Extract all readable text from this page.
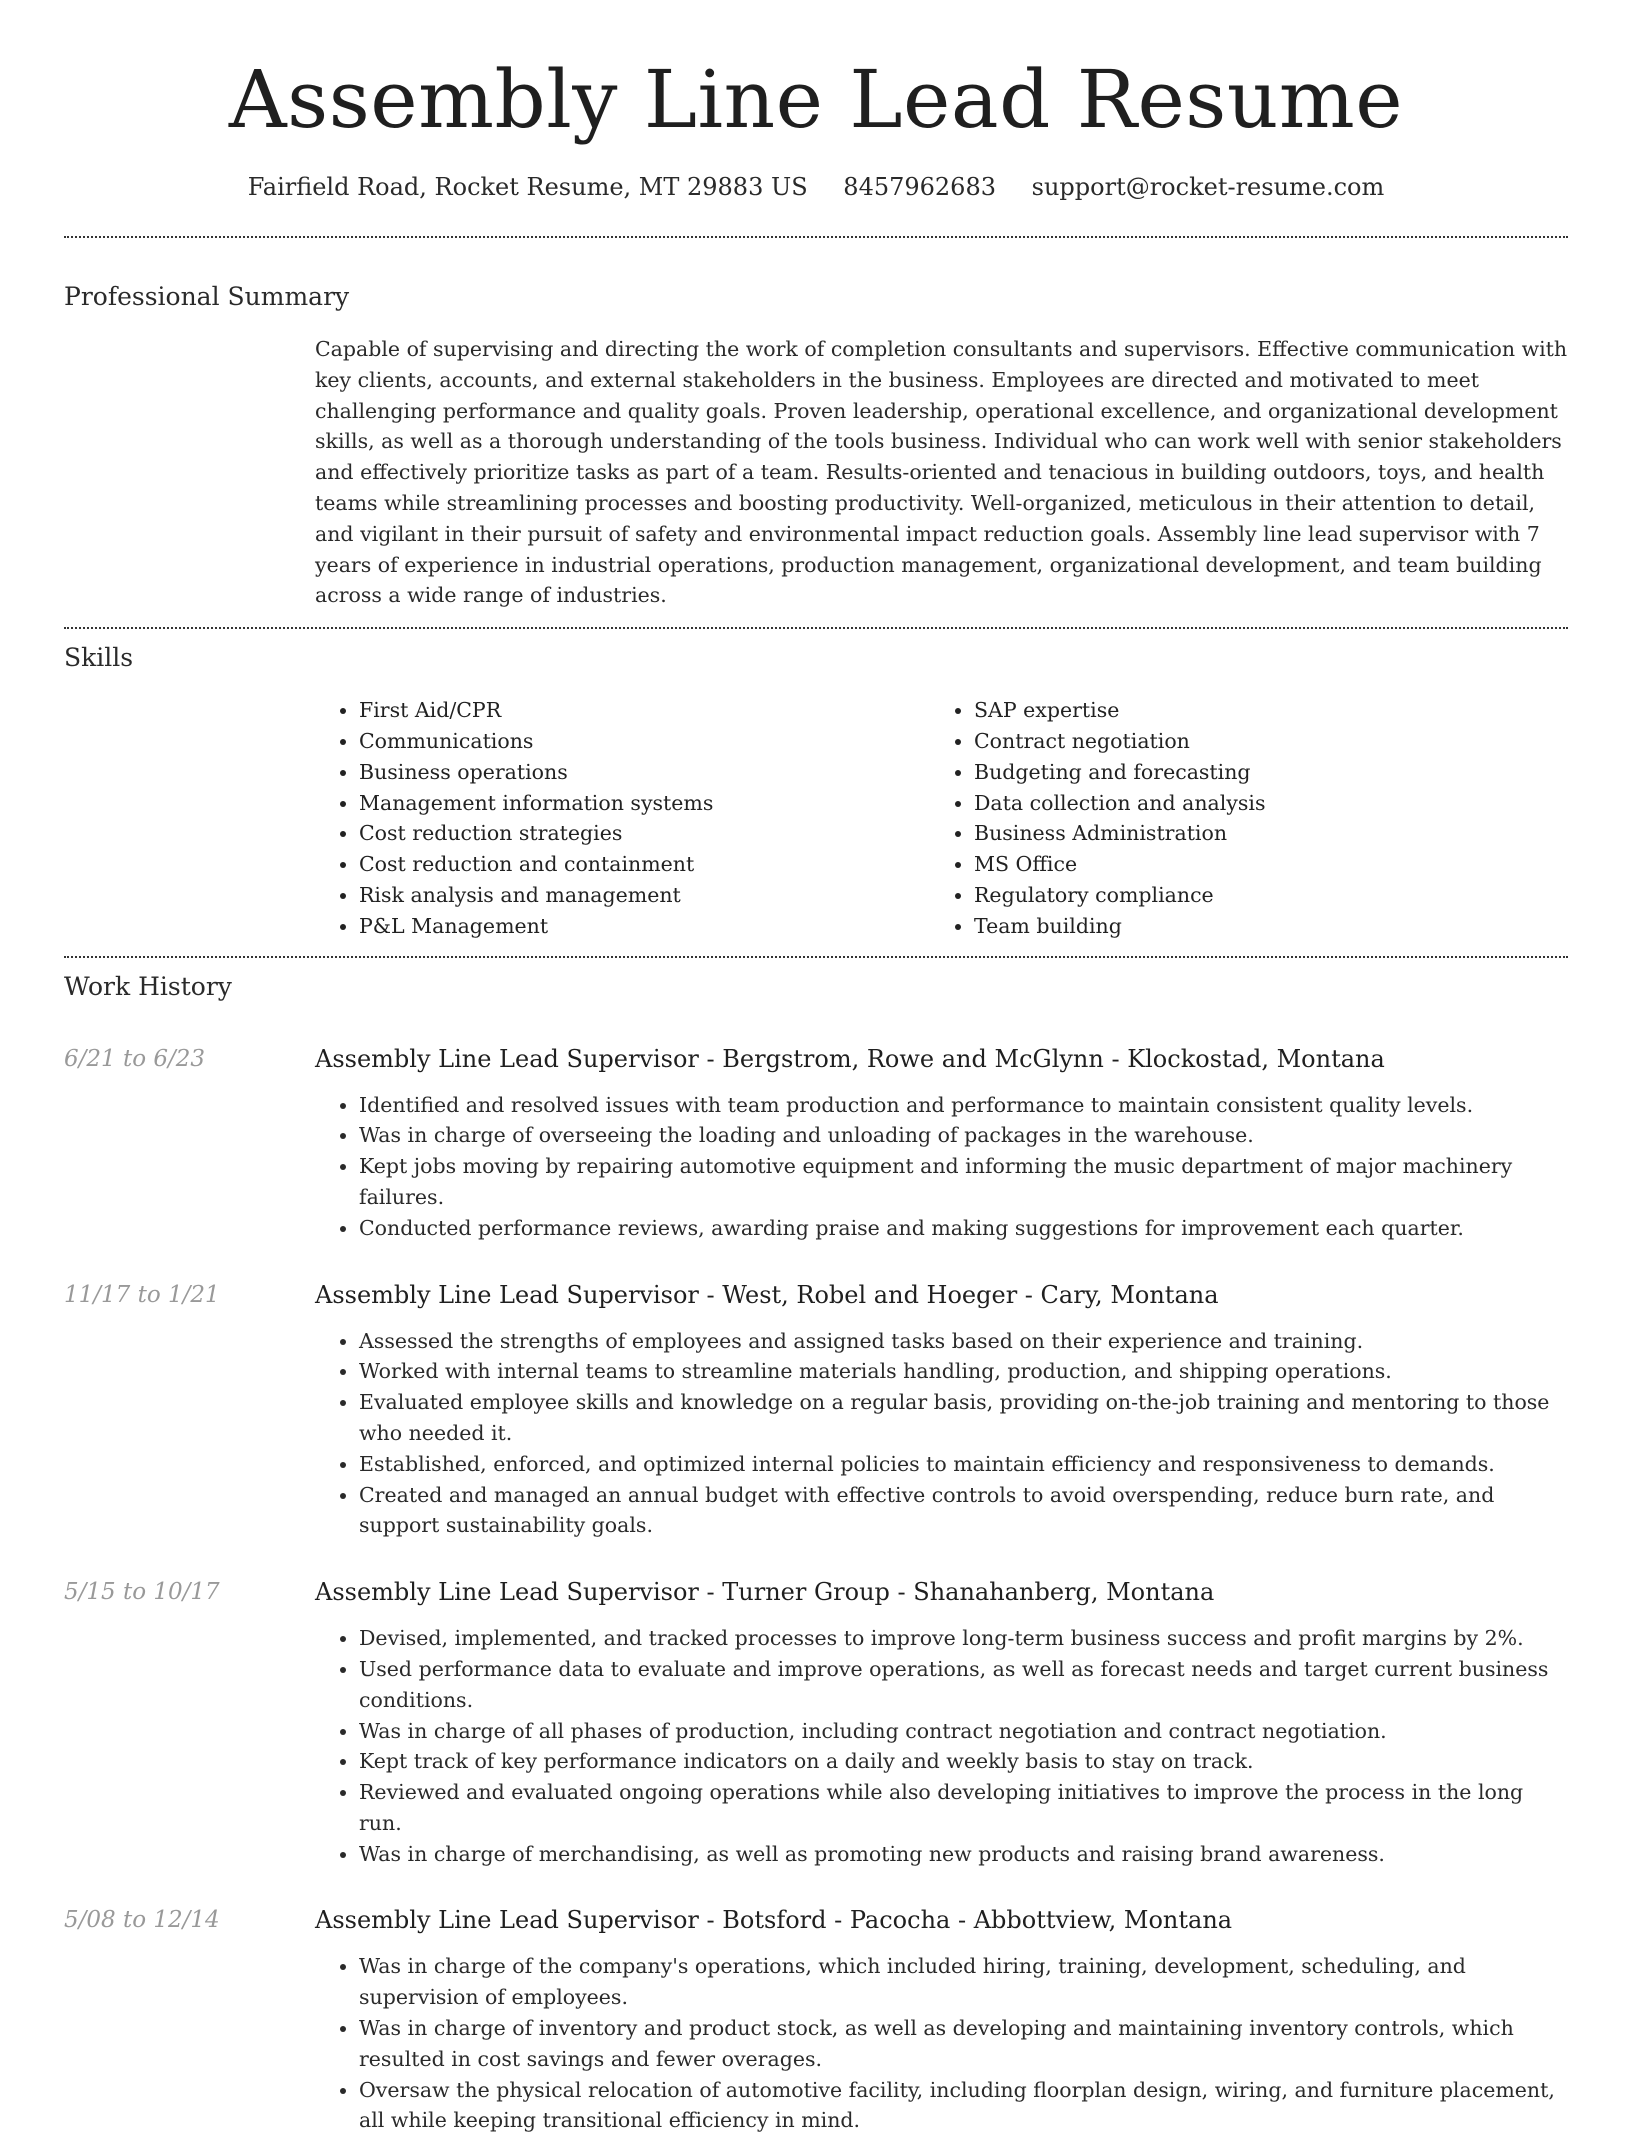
Assembly Line Lead Resume
Fairfield Road, Rocket Resume, MT 29883 US 8457962683 support@rocket-resume.com
Professional Summary

Capable of supervising and directing the work of completion consultants and supervisors. Effective communication with key clients, accounts, and external stakeholders in the business. Employees are directed and motivated to meet challenging performance and quality goals. Proven leadership, operational excellence, and organizational development skills, as well as a thorough understanding of the tools business. Individual who can work well with senior stakeholders and effectively prioritize tasks as part of a team. Results-oriented and tenacious in building outdoors, toys, and health teams while streamlining processes and boosting productivity. Well-organized, meticulous in their attention to detail, and vigilant in their pursuit of safety and environmental impact reduction goals. Assembly line lead supervisor with 7 years of experience in industrial operations, production management, organizational development, and team building across a wide range of industries.

Skills
• First Aid/CPR
• Communications
• Business operations
• Management information systems
• Cost reduction strategies
• Cost reduction and containment
• Risk analysis and management
• P&L Management
• SAP expertise
• Contract negotiation
• Budgeting and forecasting
• Data collection and analysis
• Business Administration
• MS Office
• Regulatory compliance
• Team building
Work History
6/21 to 6/23	Assembly Line Lead Supervisor - Bergstrom, Rowe and McGlynn - Klockostad, Montana
• Identified and resolved issues with team production and performance to maintain consistent quality levels.
• Was in charge of overseeing the loading and unloading of packages in the warehouse.
• Kept jobs moving by repairing automotive equipment and informing the music department of major machinery failures.
• Conducted performance reviews, awarding praise and making suggestions for improvement each quarter.
11/17 to 1/21	Assembly Line Lead Supervisor - West, Robel and Hoeger - Cary, Montana
• Assessed the strengths of employees and assigned tasks based on their experience and training.
• Worked with internal teams to streamline materials handling, production, and shipping operations.
• Evaluated employee skills and knowledge on a regular basis, providing on-the-job training and mentoring to those who needed it.
• Established, enforced, and optimized internal policies to maintain efficiency and responsiveness to demands.
• Created and managed an annual budget with effective controls to avoid overspending, reduce burn rate, and support sustainability goals.
5/15 to 10/17	Assembly Line Lead Supervisor - Turner Group - Shanahanberg, Montana
• Devised, implemented, and tracked processes to improve long-term business success and profit margins by 2%.
• Used performance data to evaluate and improve operations, as well as forecast needs and target current business conditions.
• Was in charge of all phases of production, including contract negotiation and contract negotiation.
• Kept track of key performance indicators on a daily and weekly basis to stay on track.
• Reviewed and evaluated ongoing operations while also developing initiatives to improve the process in the long run.
• Was in charge of merchandising, as well as promoting new products and raising brand awareness.
5/08 to 12/14	Assembly Line Lead Supervisor - Botsford - Pacocha - Abbottview, Montana
• Was in charge of the company's operations, which included hiring, training, development, scheduling, and supervision of employees.
• Was in charge of inventory and product stock, as well as developing and maintaining inventory controls, which resulted in cost savings and fewer overages.
• Oversaw the physical relocation of automotive facility, including floorplan design, wiring, and furniture placement, all while keeping transitional efficiency in mind.
